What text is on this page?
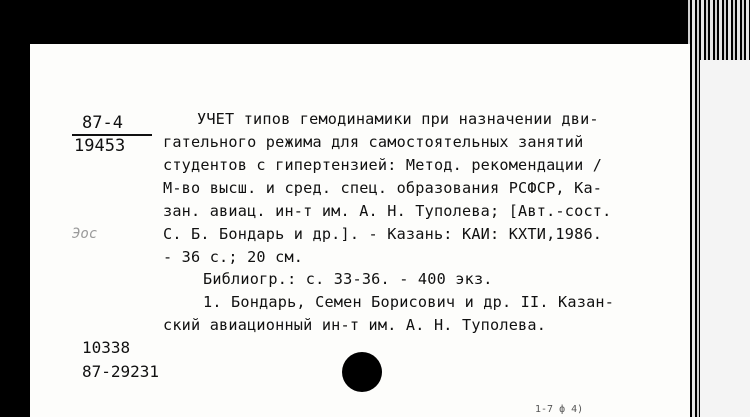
87-4
19453
Эос
УЧЕТ типов гемодинамики при назначении дви-
гательного режима для самостоятельных занятий
студентов с гипертензией: Метод. рекомендации /
М-во высш. и сред. спец. образования РСФСР, Ка-
зан. авиац. ин-т им. А. Н. Туполева; [Авт.-сост.
С. Б. Бондарь и др.]. - Казань: КАИ: КХТИ,1986.
- 36 с.; 20 см.
Библиогр.: с. 33-36. - 400 экз.
1. Бондарь, Семен Борисович и др. II. Казан-
ский авиационный ин-т им. А. Н. Туполева.
10338
87-29231
1-7 ф 4)
